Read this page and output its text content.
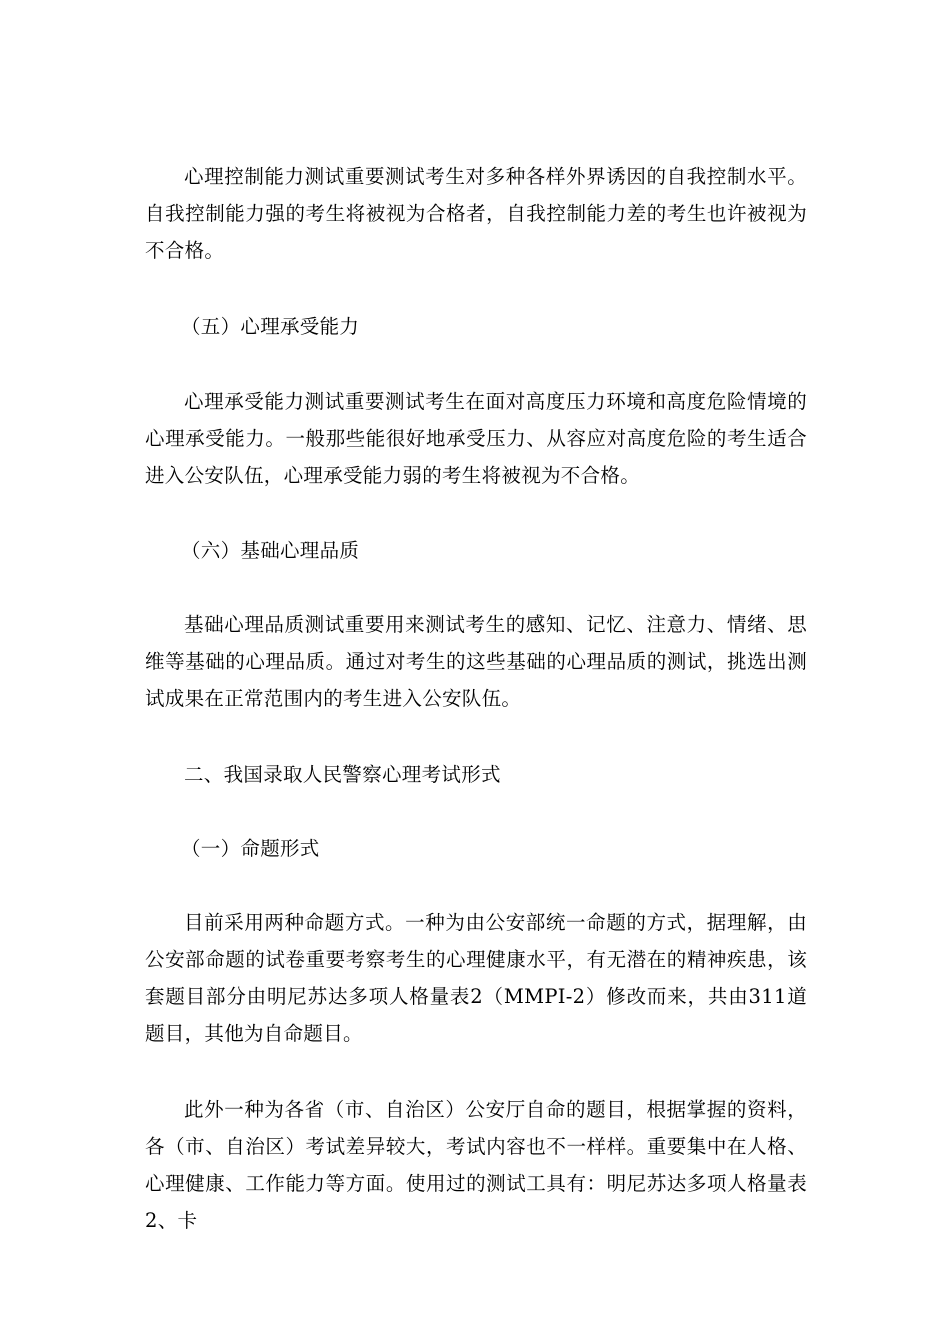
心理控制能力测试重要测试考生对多种各样外界诱因的自我控制水平。自我控制能力强的考生将被视为合格者，自我控制能力差的考生也许被视为不合格。

（五）心理承受能力

心理承受能力测试重要测试考生在面对高度压力环境和高度危险情境的心理承受能力。一般那些能很好地承受压力、从容应对高度危险的考生适合进入公安队伍，心理承受能力弱的考生将被视为不合格。

（六）基础心理品质

基础心理品质测试重要用来测试考生的感知、记忆、注意力、情绪、思维等基础的心理品质。通过对考生的这些基础的心理品质的测试，挑选出测试成果在正常范围内的考生进入公安队伍。

二、我国录取人民警察心理考试形式

（一）命题形式

目前采用两种命题方式。一种为由公安部统一命题的方式，据理解，由公安部命题的试卷重要考察考生的心理健康水平，有无潜在的精神疾患，该套题目部分由明尼苏达多项人格量表2（MMPI-2）修改而来，共由311道题目，其他为自命题目。

此外一种为各省（市、自治区）公安厅自命的题目，根据掌握的资料，各（市、自治区）考试差异较大，考试内容也不一样样。重要集中在人格、心理健康、工作能力等方面。使用过的测试工具有：明尼苏达多项人格量表2、卡
